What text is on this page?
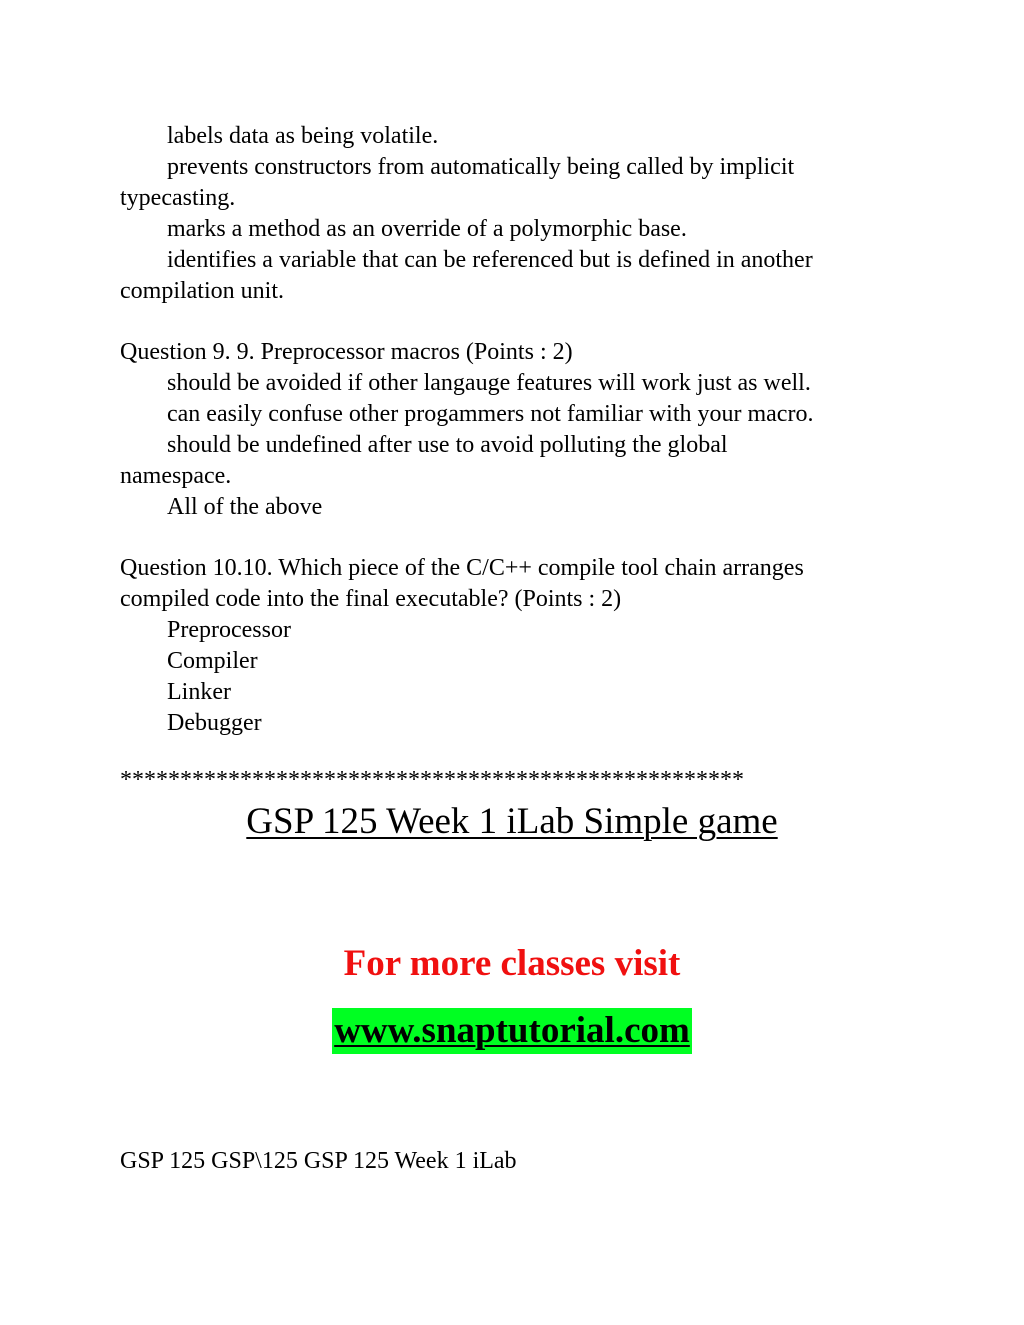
labels data as being volatile.
prevents constructors from automatically being called by implicit
typecasting.
marks a method as an override of a polymorphic base.
identifies a variable that can be referenced but is defined in another
compilation unit.
Question 9. 9. Preprocessor macros (Points : 2)
should be avoided if other langauge features will work just as well.
can easily confuse other progammers not familiar with your macro.
should be undefined after use to avoid polluting the global
namespace.
All of the above
Question 10.10. Which piece of the C/C++ compile tool chain arranges
compiled code into the final executable? (Points : 2)
Preprocessor
Compiler
Linker
Debugger
****************************************************
GSP 125 Week 1 iLab Simple game
For more classes visit
www.snaptutorial.com
GSP 125 GSP\125 GSP 125 Week 1 iLab
